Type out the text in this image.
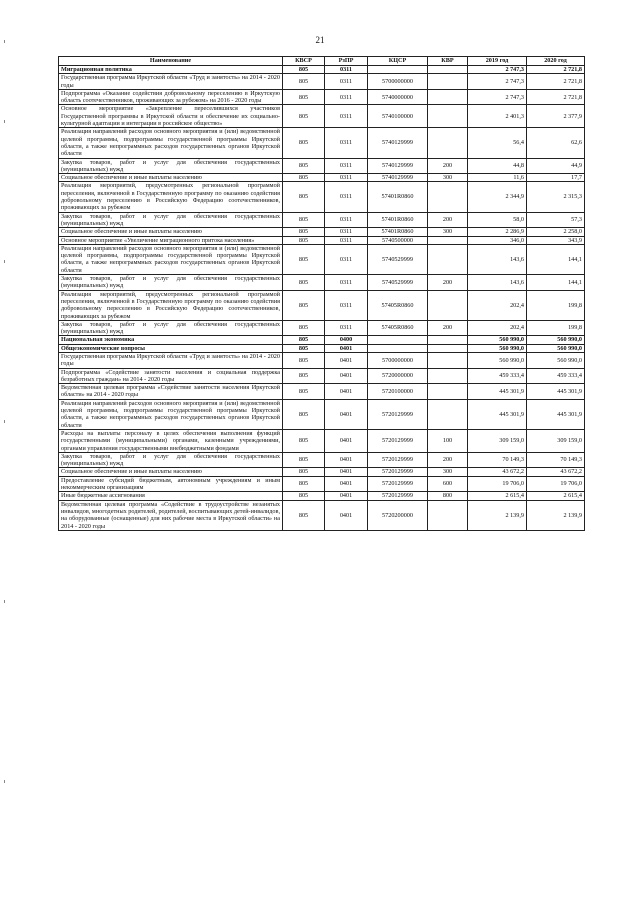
21
Наименование	КВСР	РзПР	КЦСР	КВР	2019 год	2020 год
Миграционная политика	805	0311			2 747,3	2 721,8
Государственная программа Иркутской области «Труд и занятость» на 2014 - 2020 годы	805	0311	5700000000		2 747,3	2 721,8
Подпрограмма «Оказание содействия добровольному переселению в Иркутскую область соотечественников, проживающих за рубежом» на 2016 - 2020 годы	805	0311	5740000000		2 747,3	2 721,8
Основное мероприятие «Закрепление переселившихся участников Государственной программы в Иркутской области и обеспечение их социально-культурной адаптации и интеграции в российское общество»	805	0311	5740100000		2 401,3	2 377,9
Реализация направлений расходов основного мероприятия и (или) ведомственной целевой программы, подпрограммы государственной программы Иркутской области, а также непрограммных расходов государственных органов Иркутской области	805	0311	5740129999		56,4	62,6
Закупка товаров, работ и услуг для обеспечения государственных (муниципальных) нужд	805	0311	5740129999	200	44,8	44,9
Социальное обеспечение и иные выплаты населению	805	0311	5740129999	300	11,6	17,7
Реализация мероприятий, предусмотренных региональной программой переселения, включенной в Государственную программу по оказанию содействия добровольному переселению в Российскую Федерацию соотечественников, проживающих за рубежом	805	0311	57401R0860		2 344,9	2 315,3
Закупка товаров, работ и услуг для обеспечения государственных (муниципальных) нужд	805	0311	57401R0860	200	58,0	57,3
Социальное обеспечение и иные выплаты населению	805	0311	57401R0860	300	2 286,9	2 258,0
Основное мероприятие «Увеличение миграционного притока населения»	805	0311	5740500000		346,0	343,9
Реализация направлений расходов основного мероприятия и (или) ведомственной целевой программы, подпрограммы государственной программы Иркутской области, а также непрограммных расходов государственных органов Иркутской области	805	0311	5740529999		143,6	144,1
Закупка товаров, работ и услуг для обеспечения государственных (муниципальных) нужд	805	0311	5740529999	200	143,6	144,1
Реализация мероприятий, предусмотренных региональной программой переселения, включенной в Государственную программу по оказанию содействия добровольному переселению в Российскую Федерацию соотечественников, проживающих за рубежом	805	0311	57405R0860		202,4	199,8
Закупка товаров, работ и услуг для обеспечения государственных (муниципальных) нужд	805	0311	57405R0860	200	202,4	199,8
Национальная экономика	805	0400			560 990,0	560 990,0
Общеэкономические вопросы	805	0401			560 990,0	560 990,0
Государственная программа Иркутской области «Труд и занятость» на 2014 - 2020 годы	805	0401	5700000000		560 990,0	560 990,0
Подпрограмма «Содействие занятости населения и социальная поддержка безработных граждан» на 2014 - 2020 годы	805	0401	5720000000		459 333,4	459 333,4
Ведомственная целевая программа «Содействие занятости населения Иркутской области» на 2014 - 2020 годы	805	0401	5720100000		445 301,9	445 301,9
Реализация направлений расходов основного мероприятия и (или) ведомственной целевой программы, подпрограммы государственной программы Иркутской области, а также непрограммных расходов государственных органов Иркутской области	805	0401	5720129999		445 301,9	445 301,9
Расходы на выплаты персоналу в целях обеспечения выполнения функций государственными (муниципальными) органами, казенными учреждениями, органами управления государственными внебюджетными фондами	805	0401	5720129999	100	309 159,0	309 159,0
Закупка товаров, работ и услуг для обеспечения государственных (муниципальных) нужд	805	0401	5720129999	200	70 149,3	70 149,3
Социальное обеспечение и иные выплаты населению	805	0401	5720129999	300	43 672,2	43 672,2
Предоставление субсидий бюджетным, автономным учреждениям и иным некоммерческим организациям	805	0401	5720129999	600	19 706,0	19 706,0
Иные бюджетные ассигнования	805	0401	5720129999	800	2 615,4	2 615,4
Ведомственная целевая программа «Содействие в трудоустройстве незанятых инвалидов, многодетных родителей, родителей, воспитывающих детей-инвалидов, на оборудованные (оснащенные) для них рабочие места в Иркутской области» на 2014 - 2020 годы	805	0401	5720200000		2 139,9	2 139,9
